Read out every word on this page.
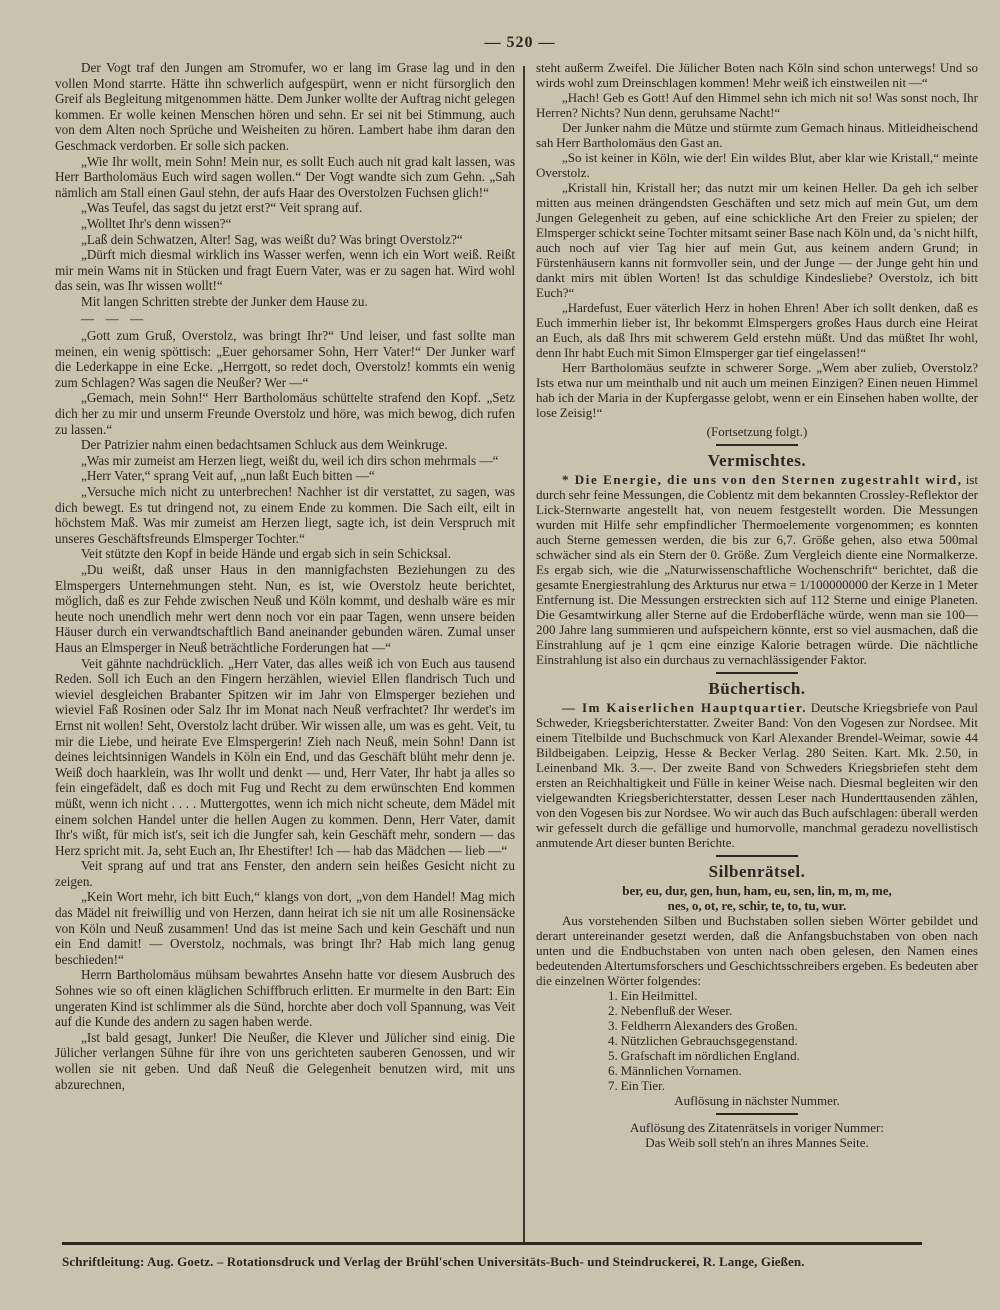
— 520 —

Der Vogt traf den Jungen am Stromufer, wo er lang im Grase lag und in den vollen Mond starrte. Hätte ihn schwerlich aufgespürt, wenn er nicht fürsorglich den Greif als Begleitung mitgenommen hätte. Dem Junker wollte der Auftrag nicht gelegen kommen. Er wolle keinen Menschen hören und sehn. Er sei nit bei Stimmung, auch von dem Alten noch Sprüche und Weisheiten zu hören. Lambert habe ihm daran den Geschmack verdorben. Er solle sich packen.

„Wie Ihr wollt, mein Sohn! Mein nur, es sollt Euch auch nit grad kalt lassen, was Herr Bartholomäus Euch wird sagen wollen.“ Der Vogt wandte sich zum Gehn. „Sah nämlich am Stall einen Gaul stehn, der aufs Haar des Overstolzen Fuchsen glich!“

„Was Teufel, das sagst du jetzt erst?“ Veit sprang auf.

„Wolltet Ihr's denn wissen?“

„Laß dein Schwatzen, Alter! Sag, was weißt du? Was bringt Overstolz?“

„Dürft mich diesmal wirklich ins Wasser werfen, wenn ich ein Wort weiß. Reißt mir mein Wams nit in Stücken und fragt Euern Vater, was er zu sagen hat. Wird wohl das sein, was Ihr wissen wollt!“

Mit langen Schritten strebte der Junker dem Hause zu.

— — —

„Gott zum Gruß, Overstolz, was bringt Ihr?“ Und leiser, und fast sollte man meinen, ein wenig spöttisch: „Euer gehorsamer Sohn, Herr Vater!“ Der Junker warf die Lederkappe in eine Ecke. „Herrgott, so redet doch, Overstolz! kommts ein wenig zum Schlagen? Was sagen die Neußer? Wer —“

„Gemach, mein Sohn!“ Herr Bartholomäus schüttelte strafend den Kopf. „Setz dich her zu mir und unserm Freunde Overstolz und höre, was mich bewog, dich rufen zu lassen.“

Der Patrizier nahm einen bedachtsamen Schluck aus dem Weinkruge.

„Was mir zumeist am Herzen liegt, weißt du, weil ich dirs schon mehrmals —“

„Herr Vater,“ sprang Veit auf, „nun laßt Euch bitten —“

„Versuche mich nicht zu unterbrechen! Nachher ist dir verstattet, zu sagen, was dich bewegt. Es tut dringend not, zu einem Ende zu kommen. Die Sach eilt, eilt in höchstem Maß. Was mir zumeist am Herzen liegt, sagte ich, ist dein Verspruch mit unseres Geschäftsfreunds Elmsperger Tochter.“

Veit stützte den Kopf in beide Hände und ergab sich in sein Schicksal.

„Du weißt, daß unser Haus in den mannigfachsten Beziehungen zu des Elmspergers Unternehmungen steht. Nun, es ist, wie Overstolz heute berichtet, möglich, daß es zur Fehde zwischen Neuß und Köln kommt, und deshalb wäre es mir heute noch unendlich mehr wert denn noch vor ein paar Tagen, wenn unsere beiden Häuser durch ein verwandtschaftlich Band aneinander gebunden wären. Zumal unser Haus an Elmsperger in Neuß beträchtliche Forderungen hat —“

Veit gähnte nachdrücklich. „Herr Vater, das alles weiß ich von Euch aus tausend Reden. Soll ich Euch an den Fingern herzählen, wieviel Ellen flandrisch Tuch und wieviel desgleichen Brabanter Spitzen wir im Jahr von Elmsperger beziehen und wieviel Faß Rosinen oder Salz Ihr im Monat nach Neuß verfrachtet? Ihr werdet's im Ernst nit wollen! Seht, Overstolz lacht drüber. Wir wissen alle, um was es geht. Veit, tu mir die Liebe, und heirate Eve Elmspergerin! Zieh nach Neuß, mein Sohn! Dann ist deines leichtsinnigen Wandels in Köln ein End, und das Geschäft blüht mehr denn je. Weiß doch haarklein, was Ihr wollt und denkt — und, Herr Vater, Ihr habt ja alles so fein eingefädelt, daß es doch mit Fug und Recht zu dem erwünschten End kommen müßt, wenn ich nicht . . . . Muttergottes, wenn ich mich nicht scheute, dem Mädel mit einem solchen Handel unter die hellen Augen zu kommen. Denn, Herr Vater, damit Ihr's wißt, für mich ist's, seit ich die Jungfer sah, kein Geschäft mehr, sondern — das Herz spricht mit. Ja, seht Euch an, Ihr Ehestifter! Ich — hab das Mädchen — lieb —“

Veit sprang auf und trat ans Fenster, den andern sein heißes Gesicht nicht zu zeigen.

„Kein Wort mehr, ich bitt Euch,“ klangs von dort, „von dem Handel! Mag mich das Mädel nit freiwillig und von Herzen, dann heirat ich sie nit um alle Rosinensäcke von Köln und Neuß zusammen! Und das ist meine Sach und kein Geschäft und nun ein End damit! — Overstolz, nochmals, was bringt Ihr? Hab mich lang genug beschieden!“

Herrn Bartholomäus mühsam bewahrtes Ansehn hatte vor diesem Ausbruch des Sohnes wie so oft einen kläglichen Schiffbruch erlitten. Er murmelte in den Bart: Ein ungeraten Kind ist schlimmer als die Sünd, horchte aber doch voll Spannung, was Veit auf die Kunde des andern zu sagen haben werde.

„Ist bald gesagt, Junker! Die Neußer, die Klever und Jülicher sind einig. Die Jülicher verlangen Sühne für ihre von uns gerichteten sauberen Genossen, und wir wollen sie nit geben. Und daß Neuß die Gelegenheit benutzen wird, mit uns abzurechnen,

steht außerm Zweifel. Die Jülicher Boten nach Köln sind schon unterwegs! Und so wirds wohl zum Dreinschlagen kommen! Mehr weiß ich einstweilen nit —“

„Hach! Geb es Gott! Auf den Himmel sehn ich mich nit so! Was sonst noch, Ihr Herren? Nichts? Nun denn, geruhsame Nacht!“

Der Junker nahm die Mütze und stürmte zum Gemach hinaus. Mitleidheischend sah Herr Bartholomäus den Gast an.

„So ist keiner in Köln, wie der! Ein wildes Blut, aber klar wie Kristall,“ meinte Overstolz.

„Kristall hin, Kristall her; das nutzt mir um keinen Heller. Da geh ich selber mitten aus meinen drängendsten Geschäften und setz mich auf mein Gut, um dem Jungen Gelegenheit zu geben, auf eine schickliche Art den Freier zu spielen; der Elmsperger schickt seine Tochter mitsamt seiner Base nach Köln und, da 's nicht hilft, auch noch auf vier Tag hier auf mein Gut, aus keinem andern Grund; in Fürstenhäusern kanns nit formvoller sein, und der Junge — der Junge geht hin und dankt mirs mit üblen Worten! Ist das schuldige Kindesliebe? Overstolz, ich bitt Euch?“

„Hardefust, Euer väterlich Herz in hohen Ehren! Aber ich sollt denken, daß es Euch immerhin lieber ist, Ihr bekommt Elmspergers großes Haus durch eine Heirat an Euch, als daß Ihrs mit schwerem Geld erstehn müßt. Und das müßtet Ihr wohl, denn Ihr habt Euch mit Simon Elmsperger gar tief eingelassen!“

Herr Bartholomäus seufzte in schwerer Sorge. „Wem aber zulieb, Overstolz? Ists etwa nur um meinthalb und nit auch um meinen Einzigen? Einen neuen Himmel hab ich der Maria in der Kupfergasse gelobt, wenn er ein Einsehen haben wollte, der lose Zeisig!“

(Fortsetzung folgt.)

Vermischtes.

* Die Energie, die uns von den Sternen zugestrahlt wird, ist durch sehr feine Messungen, die Coblentz mit dem bekannten Crossley-Reflektor der Lick-Sternwarte angestellt hat, von neuem festgestellt worden. Die Messungen wurden mit Hilfe sehr empfindlicher Thermoelemente vorgenommen; es konnten auch Sterne gemessen werden, die bis zur 6,7. Größe gehen, also etwa 500mal schwächer sind als ein Stern der 0. Größe. Zum Vergleich diente eine Normalkerze. Es ergab sich, wie die „Naturwissenschaftliche Wochenschrift“ berichtet, daß die gesamte Energiestrahlung des Arkturus nur etwa = 1/100000000 der Kerze in 1 Meter Entfernung ist. Die Messungen erstreckten sich auf 112 Sterne und einige Planeten. Die Gesamtwirkung aller Sterne auf die Erdoberfläche würde, wenn man sie 100—200 Jahre lang summieren und aufspeichern könnte, erst so viel ausmachen, daß die Einstrahlung auf je 1 qcm eine einzige Kalorie betragen würde. Die nächtliche Einstrahlung ist also ein durchaus zu vernachlässigender Faktor.

Büchertisch.

— Im Kaiserlichen Hauptquartier. Deutsche Kriegsbriefe von Paul Schweder, Kriegsberichterstatter. Zweiter Band: Von den Vogesen zur Nordsee. Mit einem Titelbilde und Buchschmuck von Karl Alexander Brendel-Weimar, sowie 44 Bildbeigaben. Leipzig, Hesse & Becker Verlag. 280 Seiten. Kart. Mk. 2.50, in Leinenband Mk. 3.—. Der zweite Band von Schweders Kriegsbriefen steht dem ersten an Reichhaltigkeit und Fülle in keiner Weise nach. Diesmal begleiten wir den vielgewandten Kriegsberichterstatter, dessen Leser nach Hunderttausenden zählen, von den Vogesen bis zur Nordsee. Wo wir auch das Buch aufschlagen: überall werden wir gefesselt durch die gefällige und humorvolle, manchmal geradezu novellistisch anmutende Art dieser bunten Berichte.

Silbenrätsel.
ber, eu, dur, gen, hun, ham, eu, sen, lin, m, m, me,
nes, o, ot, re, schir, te, to, tu, wur.

Aus vorstehenden Silben und Buchstaben sollen sieben Wörter gebildet und derart untereinander gesetzt werden, daß die Anfangsbuchstaben von oben nach unten und die Endbuchstaben von unten nach oben gelesen, den Namen eines bedeutenden Altertumsforschers und Geschichtsschreibers ergeben. Es bedeuten aber die einzelnen Wörter folgendes:

1. Ein Heilmittel.
2. Nebenfluß der Weser.
3. Feldherrn Alexanders des Großen.
4. Nützlichen Gebrauchsgegenstand.
5. Grafschaft im nördlichen England.
6. Männlichen Vornamen.
7. Ein Tier.

Auflösung in nächster Nummer.

Auflösung des Zitatenrätsels in voriger Nummer:

Das Weib soll steh'n an ihres Mannes Seite.

Schriftleitung: Aug. Goetz. – Rotationsdruck und Verlag der Brühl'schen Universitäts-Buch- und Steindruckerei, R. Lange, Gießen.
